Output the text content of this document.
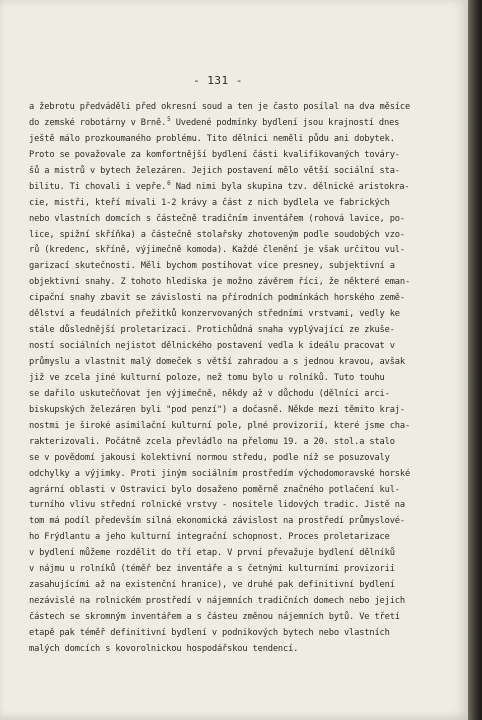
- 131 -
a žebrotu předváděli před okresní soud a ten je často posílal na dva měsíce
do zemské robotárny v Brně.$^5$ Uvedené podmínky bydlení jsou krajností dnes
ještě málo prozkoumaného problému. Tito dělníci neměli půdu ani dobytek.
Proto se považovale za komfortnější bydlení části kvalifikovaných továry-
šů a mistrů v bytech železáren. Jejich postavení mělo větší sociální sta-
bilitu. Ti chovali i vepře.$^6$ Nad nimi byla skupina tzv. dělnické aristokra-
cie, mistři, kteří mívali 1-2 krávy a část z nich bydlela ve fabrických
nebo vlastních domcích s částečně tradičním inventářem (rohová lavice, po-
lice, spižní skříňka) a částečně stolařsky zhotoveným podle soudobých vzo-
rů (kredenc, skříně, výjimečně komoda). Každé členění je však určitou vul-
garizací skutečnosti. Měli bychom postihovat více presney, subjektivní a
objektivní snahy. Z tohoto hlediska je možno závěrem říci, že některé eman-
cipační snahy zbavit se závislosti na přírodních podmínkách horského země-
dělství a feudálních přežitků konzervovaných středními vrstvami, vedly ke
stále důslednější proletarizaci. Protichůdná snaha vyplývající ze zkuše-
ností sociálních nejistot dělnického postavení vedla k ideálu pracovat v
průmyslu a vlastnit malý domeček s větší zahradou a s jednou kravou, avšak
již ve zcela jiné kulturní poloze, než tomu bylo u rolníků. Tuto touhu
se dařilo uskutečňovat jen výjimečně, někdy až v důchodu (dělníci arci-
biskupských železáren byli "pod penzí") a dočasně. Někde mezi těmito kraj-
nostmi je široké asimilační kulturní pole, plné provizorií, které jsme cha-
rakterizovali. Počátně zcela převládlo na přelomu 19. a 20. stol.a stalo
se v povědomí jakousi kolektivní normou středu, podle níž se posuzovaly
odchylky a výjimky. Proti jiným sociálním prostředím východomoravské horské
agrární oblasti v Ostravici bylo dosaženo poměrně značného potlačení kul-
turního vlivu střední rolnické vrstvy - nositele lidových tradic. Jistě na
tom má podíl především silná ekonomická závislost na prostředí průmyslové-
ho Frýdlantu a jeho kulturní integrační schopnost. Proces proletarizace
v bydlení můžeme rozdělit do tří etap. V první převažuje bydlení dělníků
v nájmu u rolníků (téměř bez inventáře a s četnými kulturními provizorii
zasahujícími až na existenční hranice), ve druhé pak definitivní bydlení
nezávislé na rolnickém prostředí v nájemních tradičních domech nebo jejich
částech se skromným inventářem a s částeu změnou nájemních bytů. Ve třetí
etapě pak téměř definitivní bydlení v podnikových bytech nebo vlastních
malých domcích s kovorolnickou hospodářskou tendencí.
